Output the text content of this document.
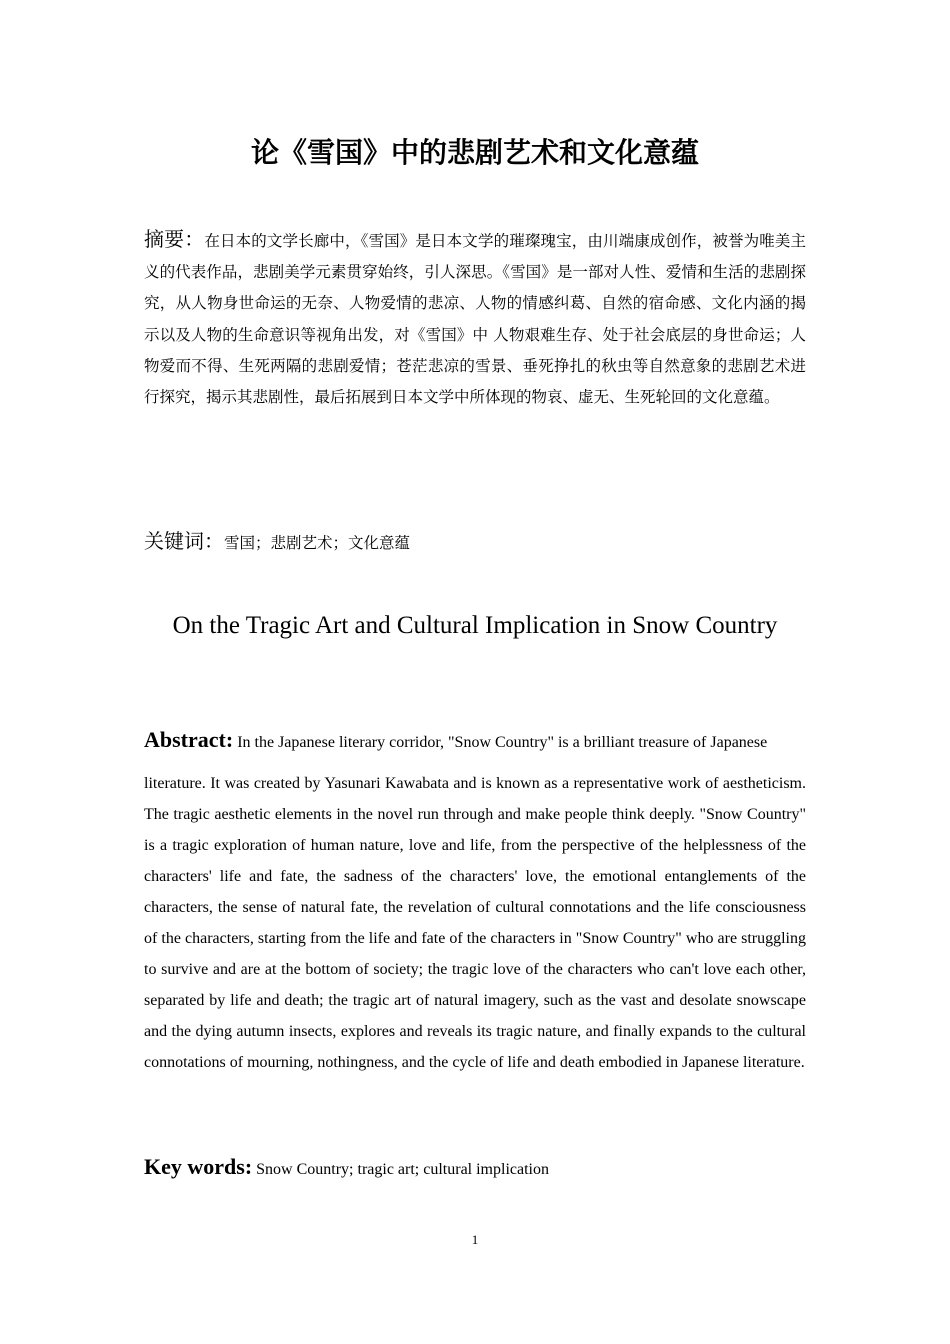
论《雪国》中的悲剧艺术和文化意蕴
摘要：在日本的文学长廊中，《雪国》是日本文学的璀璨瑰宝，由川端康成创作，被誉为唯美主义的代表作品，悲剧美学元素贯穿始终，引人深思。《雪国》是一部对人性、爱情和生活的悲剧探究，从人物身世命运的无奈、人物爱情的悲凉、人物的情感纠葛、自然的宿命感、文化内涵的揭示以及人物的生命意识等视角出发，对《雪国》中 人物艰难生存、处于社会底层的身世命运；人物爱而不得、生死两隔的悲剧爱情；苍茫悲凉的雪景、垂死挣扎的秋虫等自然意象的悲剧艺术进行探究，揭示其悲剧性，最后拓展到日本文学中所体现的物哀、虚无、生死轮回的文化意蕴。
关键词：雪国；悲剧艺术；文化意蕴
On the Tragic Art and Cultural Implication in Snow Country
Abstract: In the Japanese literary corridor, "Snow Country" is a brilliant treasure of Japanese
literature. It was created by Yasunari Kawabata and is known as a representative work of aestheticism. The tragic aesthetic elements in the novel run through and make people think deeply. "Snow Country" is a tragic exploration of human nature, love and life, from the perspective of the helplessness of the characters' life and fate, the sadness of the characters' love, the emotional entanglements of the characters, the sense of natural fate, the revelation of cultural connotations and the life consciousness of the characters, starting from the life and fate of the characters in "Snow Country" who are struggling to survive and are at the bottom of society; the tragic love of the characters who can't love each other, separated by life and death; the tragic art of natural imagery, such as the vast and desolate snowscape and the dying autumn insects, explores and reveals its tragic nature, and finally expands to the cultural connotations of mourning, nothingness, and the cycle of life and death embodied in Japanese literature.
Key words: Snow Country; tragic art; cultural implication
1
